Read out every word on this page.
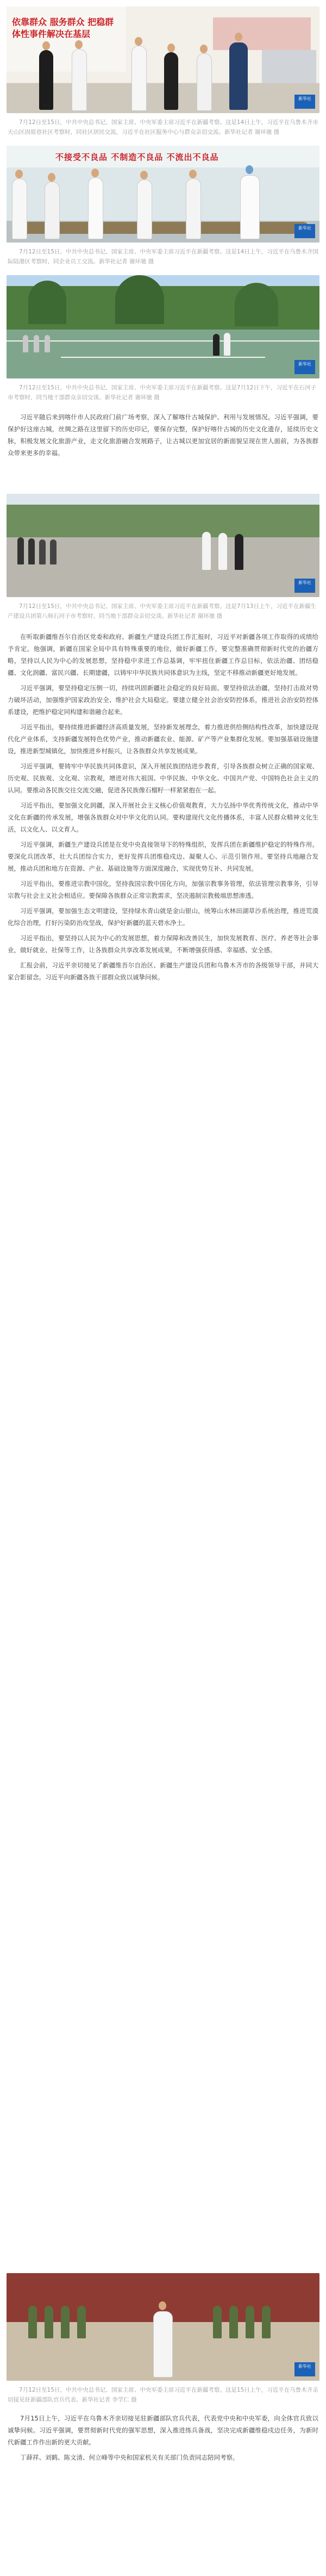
依靠群众 服务群众 把稳群体性事件解决在基层
新华社
7月12日至15日，中共中央总书记、国家主席、中央军委主席习近平在新疆考察。这是14日上午，习近平在乌鲁木齐市天山区固原巷社区考察时，同社区居民交流，习近平在社区服务中心与群众亲切交流。新华社记者 谢环驰 摄
不接受不良品 不制造不良品 不流出不良品
新华社
7月12日至15日，中共中央总书记、国家主席、中央军委主席习近平在新疆考察。这是14日上午，习近平在乌鲁木齐国际陆港区考察时，同企业员工交流。新华社记者 谢环驰 摄
新华社
7月12日至15日，中共中央总书记、国家主席、中央军委主席习近平在新疆考察。这是7月12日下午，习近平在石河子市考察时，同当地干部群众亲切交谈。新华社记者 谢环驰 摄

习近平随后来到喀什市人民政府门前广场考察，深入了解喀什古城保护、利用与发展情况。习近平强调，要保护好这座古城，丝绸之路在这里留下的历史印记，要保存完整，保护好喀什古城的历史文化遗存，延续历史文脉，积极发展文化旅游产业，走文化旅游融合发展路子，让古城以更加宜居的新面貌呈现在世人面前，为各族群众带来更多的幸福。

新华社
7月12日至15日，中共中央总书记、国家主席、中央军委主席习近平在新疆考察。这是7月13日上午，习近平在新疆生产建设兵团第八师石河子市考察时，同当地干部群众亲切交谈。新华社记者 谢环驰 摄

在听取新疆维吾尔自治区党委和政府、新疆生产建设兵团工作汇报时，习近平对新疆各项工作取得的成绩给予肯定。他强调，新疆在国家全局中具有特殊重要的地位，做好新疆工作，要完整准确贯彻新时代党的治疆方略，坚持以人民为中心的发展思想，坚持稳中求进工作总基调，牢牢扭住新疆工作总目标，依法治疆、团结稳疆、文化润疆、富民兴疆、长期建疆，以铸牢中华民族共同体意识为主线，坚定不移推动新疆更好地发展。

习近平强调，要坚持稳定压倒一切，持续巩固新疆社会稳定的良好局面。要坚持依法治疆，坚持打击敌对势力破坏活动，加强维护国家政治安全、维护社会大局稳定。要建立健全社会治安防控体系，推进社会治安防控体系建设，把维护稳定同构建和谐融合起来。

习近平指出，要持续推进新疆经济高质量发展，坚持新发展理念，着力推进供给侧结构性改革，加快建设现代化产业体系，支持新疆发展特色优势产业，推动新疆农业、能源、矿产等产业集群化发展。要加强基础设施建设，推进新型城镇化，加快推进乡村振兴，让各族群众共享发展成果。

习近平强调，要铸牢中华民族共同体意识，深入开展民族团结进步教育，引导各族群众树立正确的国家观、历史观、民族观、文化观、宗教观，增进对伟大祖国、中华民族、中华文化、中国共产党、中国特色社会主义的认同。要推动各民族交往交流交融，促进各民族像石榴籽一样紧紧抱在一起。

习近平指出，要加强文化润疆，深入开展社会主义核心价值观教育，大力弘扬中华优秀传统文化，推动中华文化在新疆的传承发展，增强各族群众对中华文化的认同。要构建现代文化传播体系，丰富人民群众精神文化生活，以文化人、以文育人。

习近平强调，新疆生产建设兵团是在党中央直接领导下的特殊组织，发挥兵团在新疆维护稳定的特殊作用。要深化兵团改革，壮大兵团综合实力，更好发挥兵团维稳戍边、凝聚人心、示范引领作用。要坚持兵地融合发展，推动兵团和地方在资源、产业、基础设施等方面深度融合，实现优势互补、共同发展。

习近平指出，要推进宗教中国化，坚持我国宗教中国化方向，加强宗教事务管理，依法管理宗教事务，引导宗教与社会主义社会相适应。要保障各族群众正常宗教需求，坚决遏制宗教极端思想渗透。

习近平强调，要加强生态文明建设，坚持绿水青山就是金山银山，统筹山水林田湖草沙系统治理，推进荒漠化综合治理，打好污染防治攻坚战，保护好新疆的蓝天碧水净土。

习近平指出，要坚持以人民为中心的发展思想，着力保障和改善民生，加快发展教育、医疗、养老等社会事业，做好就业、社保等工作，让各族群众共享改革发展成果，不断增强获得感、幸福感、安全感。

汇报会前，习近平亲切接见了新疆维吾尔自治区、新疆生产建设兵团和乌鲁木齐市的各级领导干部，并同大家合影留念。习近平向新疆各族干部群众致以诚挚问候。

新华社
7月12日至15日，中共中央总书记、国家主席、中央军委主席习近平在新疆考察。这是15日上午，习近平在乌鲁木齐亲切接见驻新疆部队官兵代表。新华社记者 李学仁 摄

7月15日上午，习近平在乌鲁木齐亲切接见驻新疆部队官兵代表，代表党中央和中央军委，向全体官兵致以诚挚问候。习近平强调，要贯彻新时代党的强军思想，深入推进练兵备战，坚决完成新疆维稳戍边任务，为新时代新疆工作作出新的更大贡献。

丁薛祥、刘鹤、陈文清、何立峰等中央和国家机关有关部门负责同志陪同考察。
